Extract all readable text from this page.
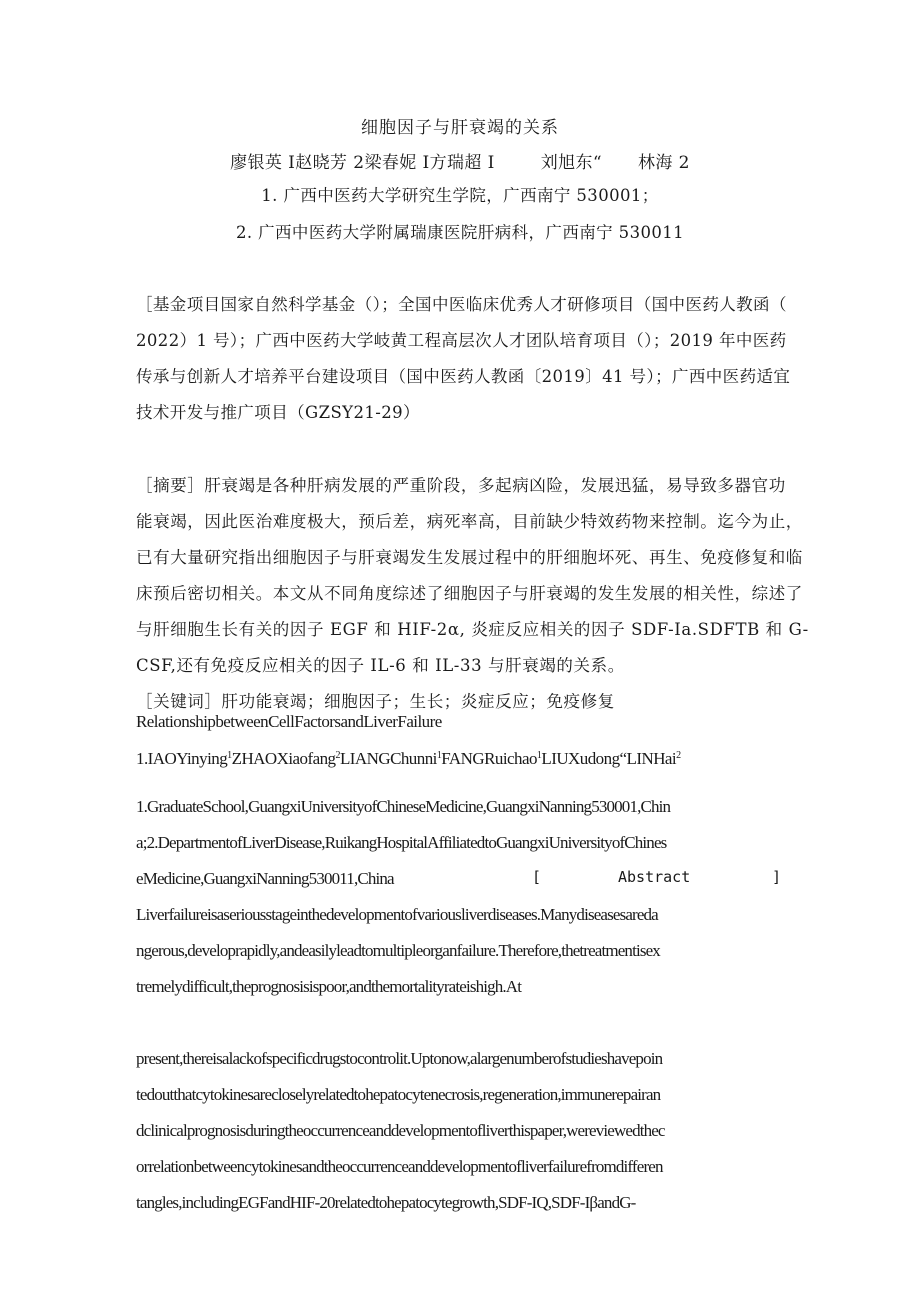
细胞因子与肝衰竭的关系
廖银英 I赵晓芳 2梁春妮 I方瑞超 I	刘旭东“ 林海 2
1. 广西中医药大学研究生学院，广西南宁 530001；
2. 广西中医药大学附属瑞康医院肝病科，广西南宁 530011
［基金项目国家自然科学基金（）；全国中医临床优秀人才研修项目（国中医药人教函（
2022）1 号）；广西中医药大学岐黄工程高层次人才团队培育项目（）；2019 年中医药
传承与创新人才培养平台建设项目（国中医药人教函〔2019〕41 号）；广西中医药适宜
技术开发与推广项目（GZSY21-29）
［摘要］肝衰竭是各种肝病发展的严重阶段，多起病凶险，发展迅猛，易导致多器官功
能衰竭，因此医治难度极大，预后差，病死率高，目前缺少特效药物来控制。迄今为止，
已有大量研究指出细胞因子与肝衰竭发生发展过程中的肝细胞坏死、再生、免疫修复和临
床预后密切相关。本文从不同角度综述了细胞因子与肝衰竭的发生发展的相关性，综述了
与肝细胞生长有关的因子 EGF 和 HIF-2α, 炎症反应相关的因子 SDF-Ia.SDFTB 和 G-
CSF,还有免疫反应相关的因子 IL-6 和 IL-33 与肝衰竭的关系。
［关键词］肝功能衰竭；细胞因子；生长；炎症反应；免疫修复
RelationshipbetweenCellFactorsandLiverFailure
1.IAOYinying$^1$ZHAOXiaofang$^2$LIANGChunni$^1$FANGRuichao$^1$LIUXudong“LINHai$^2$
1.GraduateSchool,GuangxiUniversityofChineseMedicine,GuangxiNanning530001,Chin
a;2.DepartmentofLiverDisease,RuikangHospitalAffiliatedtoGuangxiUniversityofChines
eMedicine,GuangxiNanning530011,China	[	Abstract	]
Liverfailureisaseriousstageinthedevelopmentofvariousliverdiseases.Manydiseasesareda
ngerous,developrapidly,andeasilyleadtomultipleorganfailure.Therefore,thetreatmentisex
tremelydifficult,theprognosisispoor,andthemortalityrateishigh.At
present,thereisalackofspecificdrugstocontrolit.Uptonow,alargenumberofstudieshavepoin
tedoutthatcytokinesarecloselyrelatedtohepatocytenecrosis,regeneration,immunerepairan
dclinicalprognosisduringtheoccurrenceanddevelopmentofliverthispaper,wereviewedthec
orrelationbetweencytokinesandtheoccurrenceanddevelopmentofliverfailurefromdifferen
tangles,includingEGFandHIF-20relatedtohepatocytegrowth,SDF-IQ,SDF-IβandG-
